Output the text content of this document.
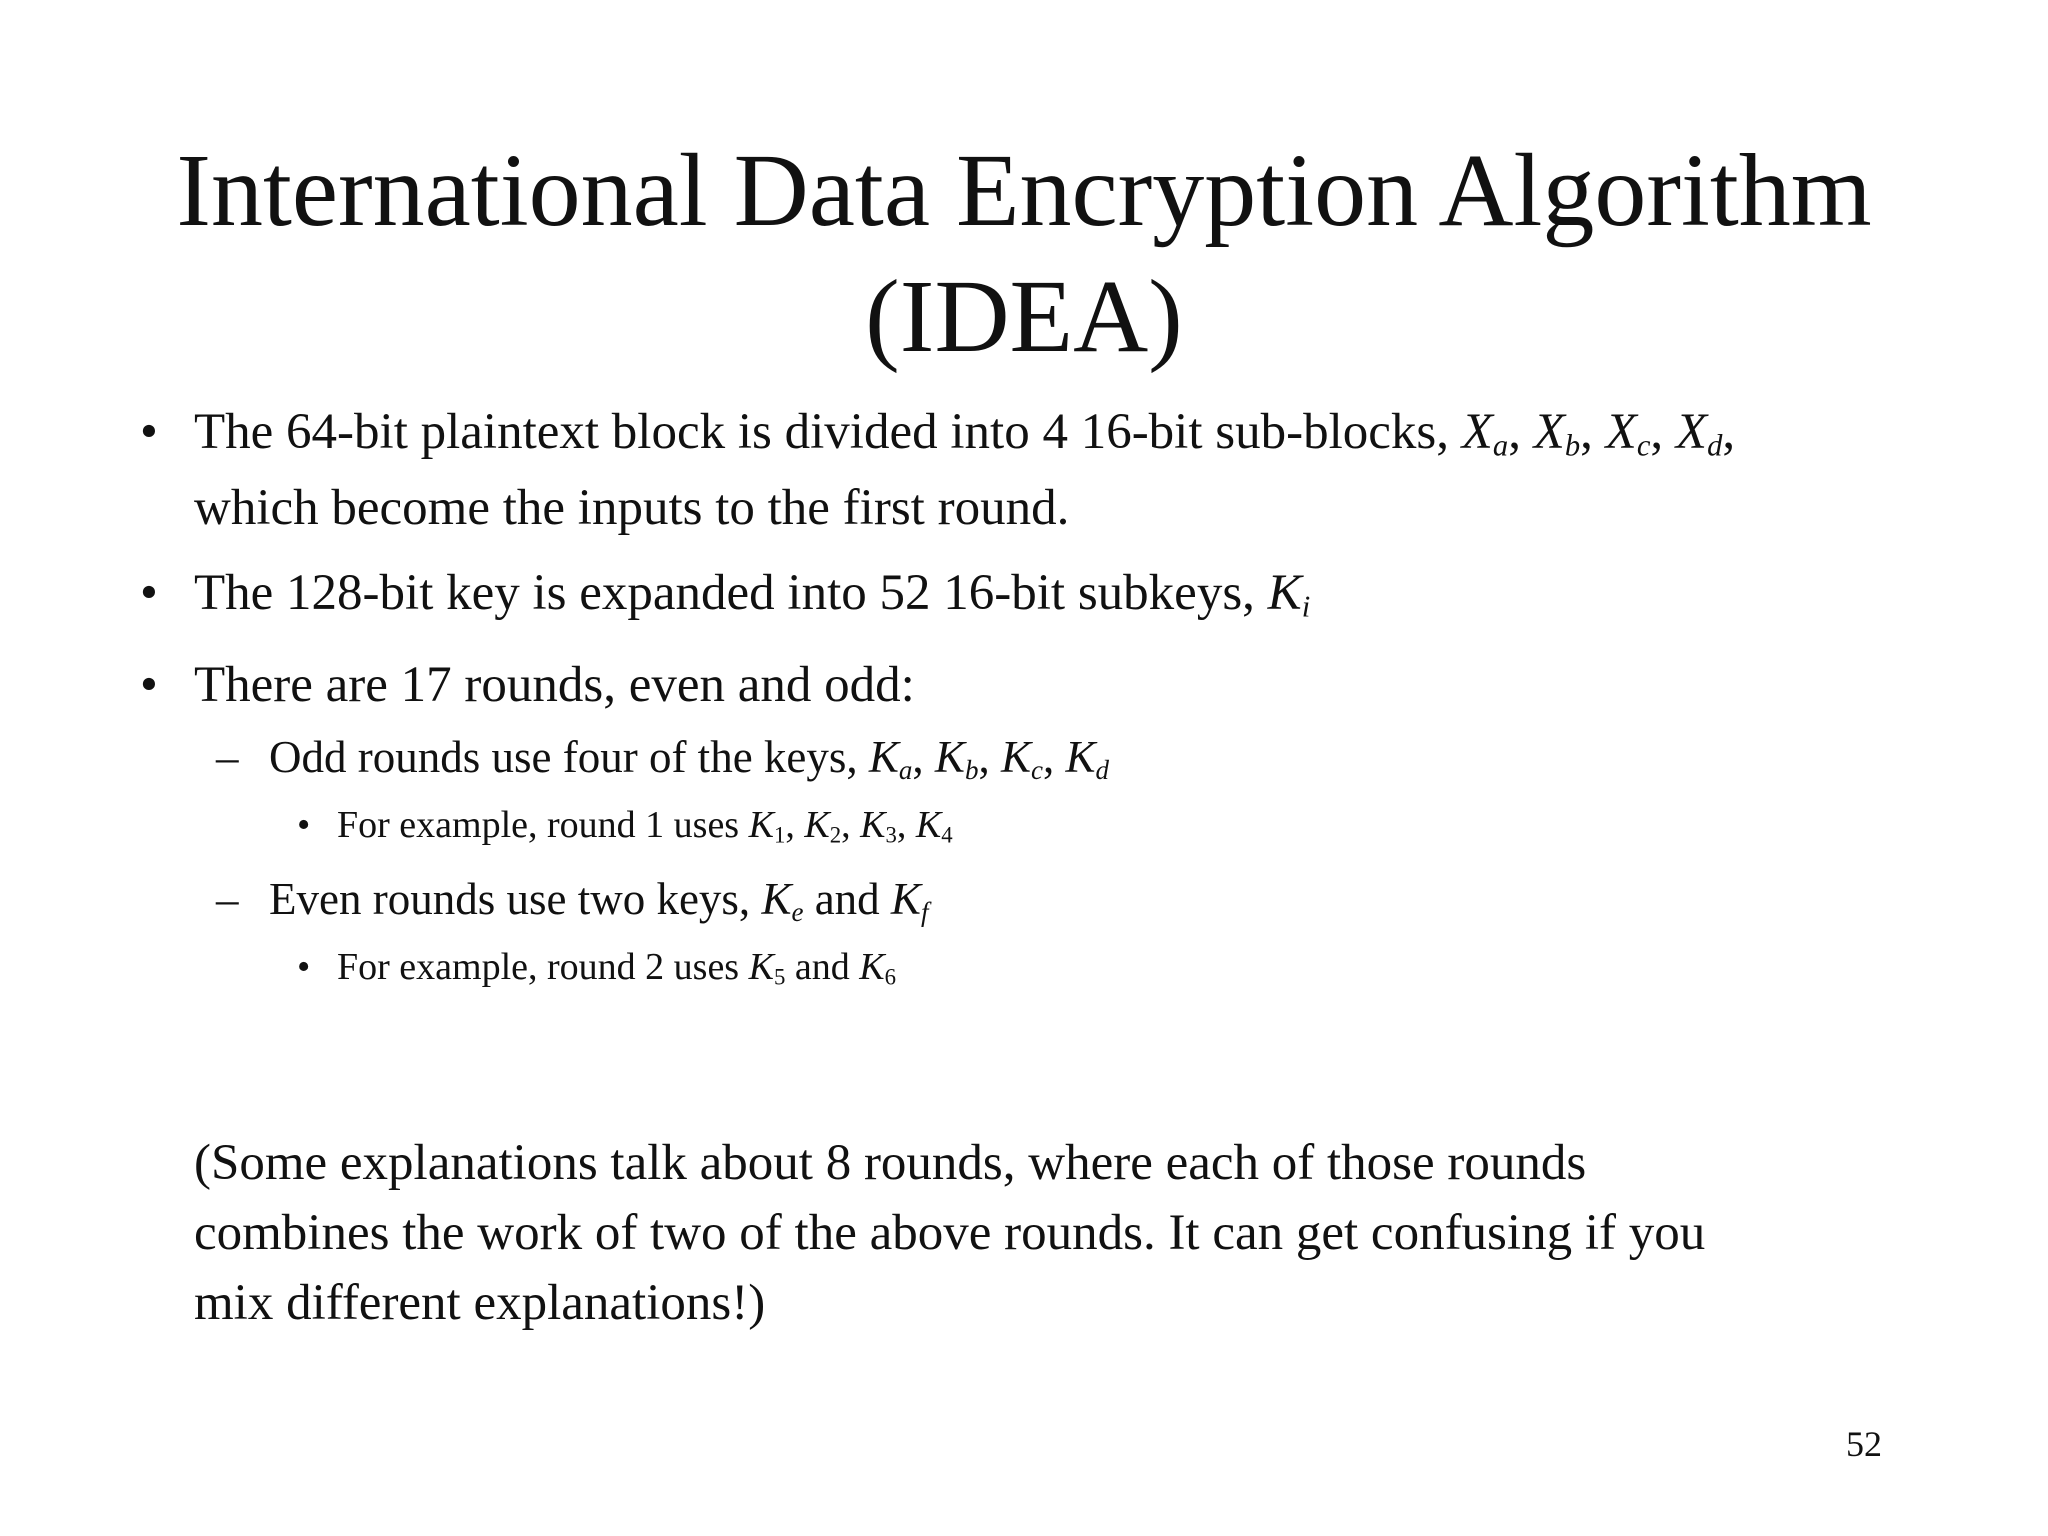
International Data Encryption Algorithm
(IDEA)
• The 64-bit plaintext block is divided into 4 16-bit sub-blocks, $X_a$, $X_b$, $X_c$, $X_d$,
which become the inputs to the first round.
• The 128-bit key is expanded into 52 16-bit subkeys, $K_i$
• There are 17 rounds, even and odd:
– Odd rounds use four of the keys, $K_a$, $K_b$, $K_c$, $K_d$
• For example, round 1 uses $K_1$, $K_2$, $K_3$, $K_4$
– Even rounds use two keys, $K_e$ and $K_f$
• For example, round 2 uses $K_5$ and $K_6$
(Some explanations talk about 8 rounds, where each of those rounds
combines the work of two of the above rounds. It can get confusing if you
mix different explanations!)
52
